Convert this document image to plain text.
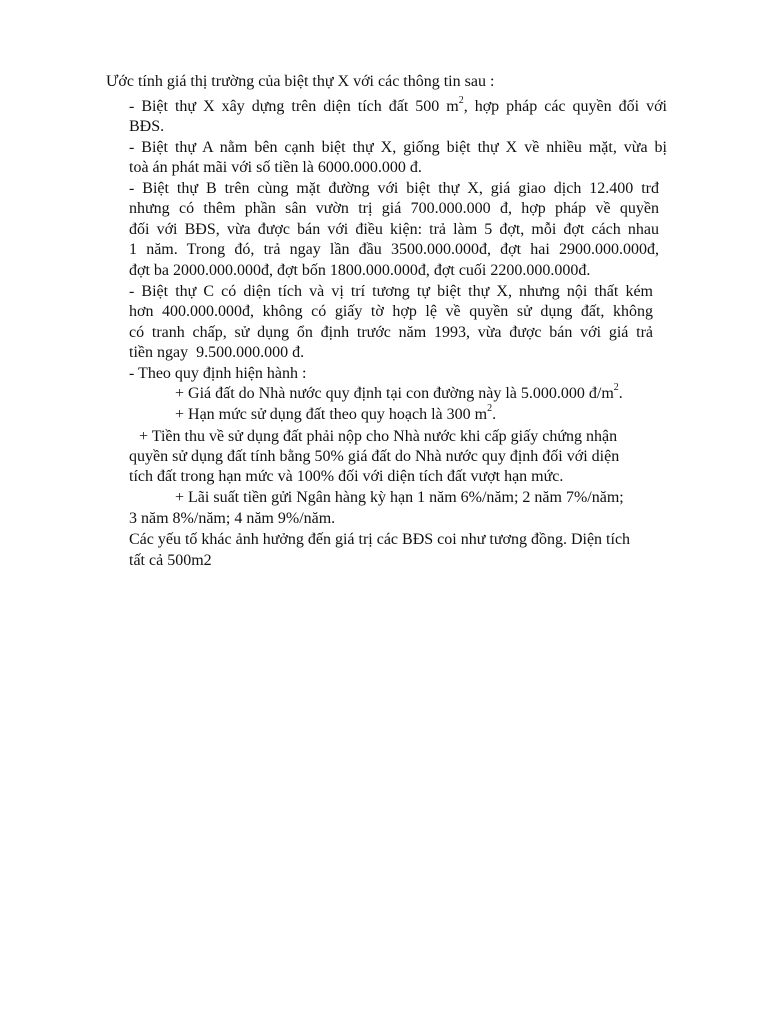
Ước tính giá thị trường của biệt thự X với các thông tin sau :
- Biệt thự X xây dựng trên diện tích đất 500 $m^2$, hợp pháp các quyền đối với
BĐS.
- Biệt thự A nằm bên cạnh biệt thự X, giống biệt thự X về nhiều mặt, vừa bị
toà án phát mãi với số tiền là 6000.000.000 đ.
- Biệt thự B trên cùng mặt đường với biệt thự X, giá giao dịch 12.400 trđ
nhưng có thêm phần sân vườn trị giá 700.000.000 đ, hợp pháp về quyền
đối với BĐS, vừa được bán với điều kiện: trả làm 5 đợt, mỗi đợt cách nhau
1 năm. Trong đó, trả ngay lần đầu 3500.000.000đ, đợt hai 2900.000.000đ,
đợt ba 2000.000.000đ, đợt bốn 1800.000.000đ, đợt cuối 2200.000.000đ.
- Biệt thự C có diện tích và vị trí tương tự biệt thự X, nhưng nội thất kém
hơn 400.000.000đ, không có giấy tờ hợp lệ về quyền sử dụng đất, không
có tranh chấp, sử dụng ổn định trước năm 1993, vừa được bán với giá trả
tiền ngay  9.500.000.000 đ.
- Theo quy định hiện hành :
+ Giá đất do Nhà nước quy định tại con đường này là 5.000.000 $đ/m^2$.
+ Hạn mức sử dụng đất theo quy hoạch là 300 $m^2$.
+ Tiền thu về sử dụng đất phải nộp cho Nhà nước khi cấp giấy chứng nhận
quyền sử dụng đất tính bằng 50% giá đất do Nhà nước quy định đối với diện
tích đất trong hạn mức và 100% đối với diện tích đất vượt hạn mức.
+ Lãi suất tiền gửi Ngân hàng kỳ hạn 1 năm 6%/năm; 2 năm 7%/năm;
3 năm 8%/năm; 4 năm 9%/năm.
Các yếu tố khác ảnh hưởng đến giá trị các BĐS coi như tương đồng. Diện tích
tất cả 500m2
